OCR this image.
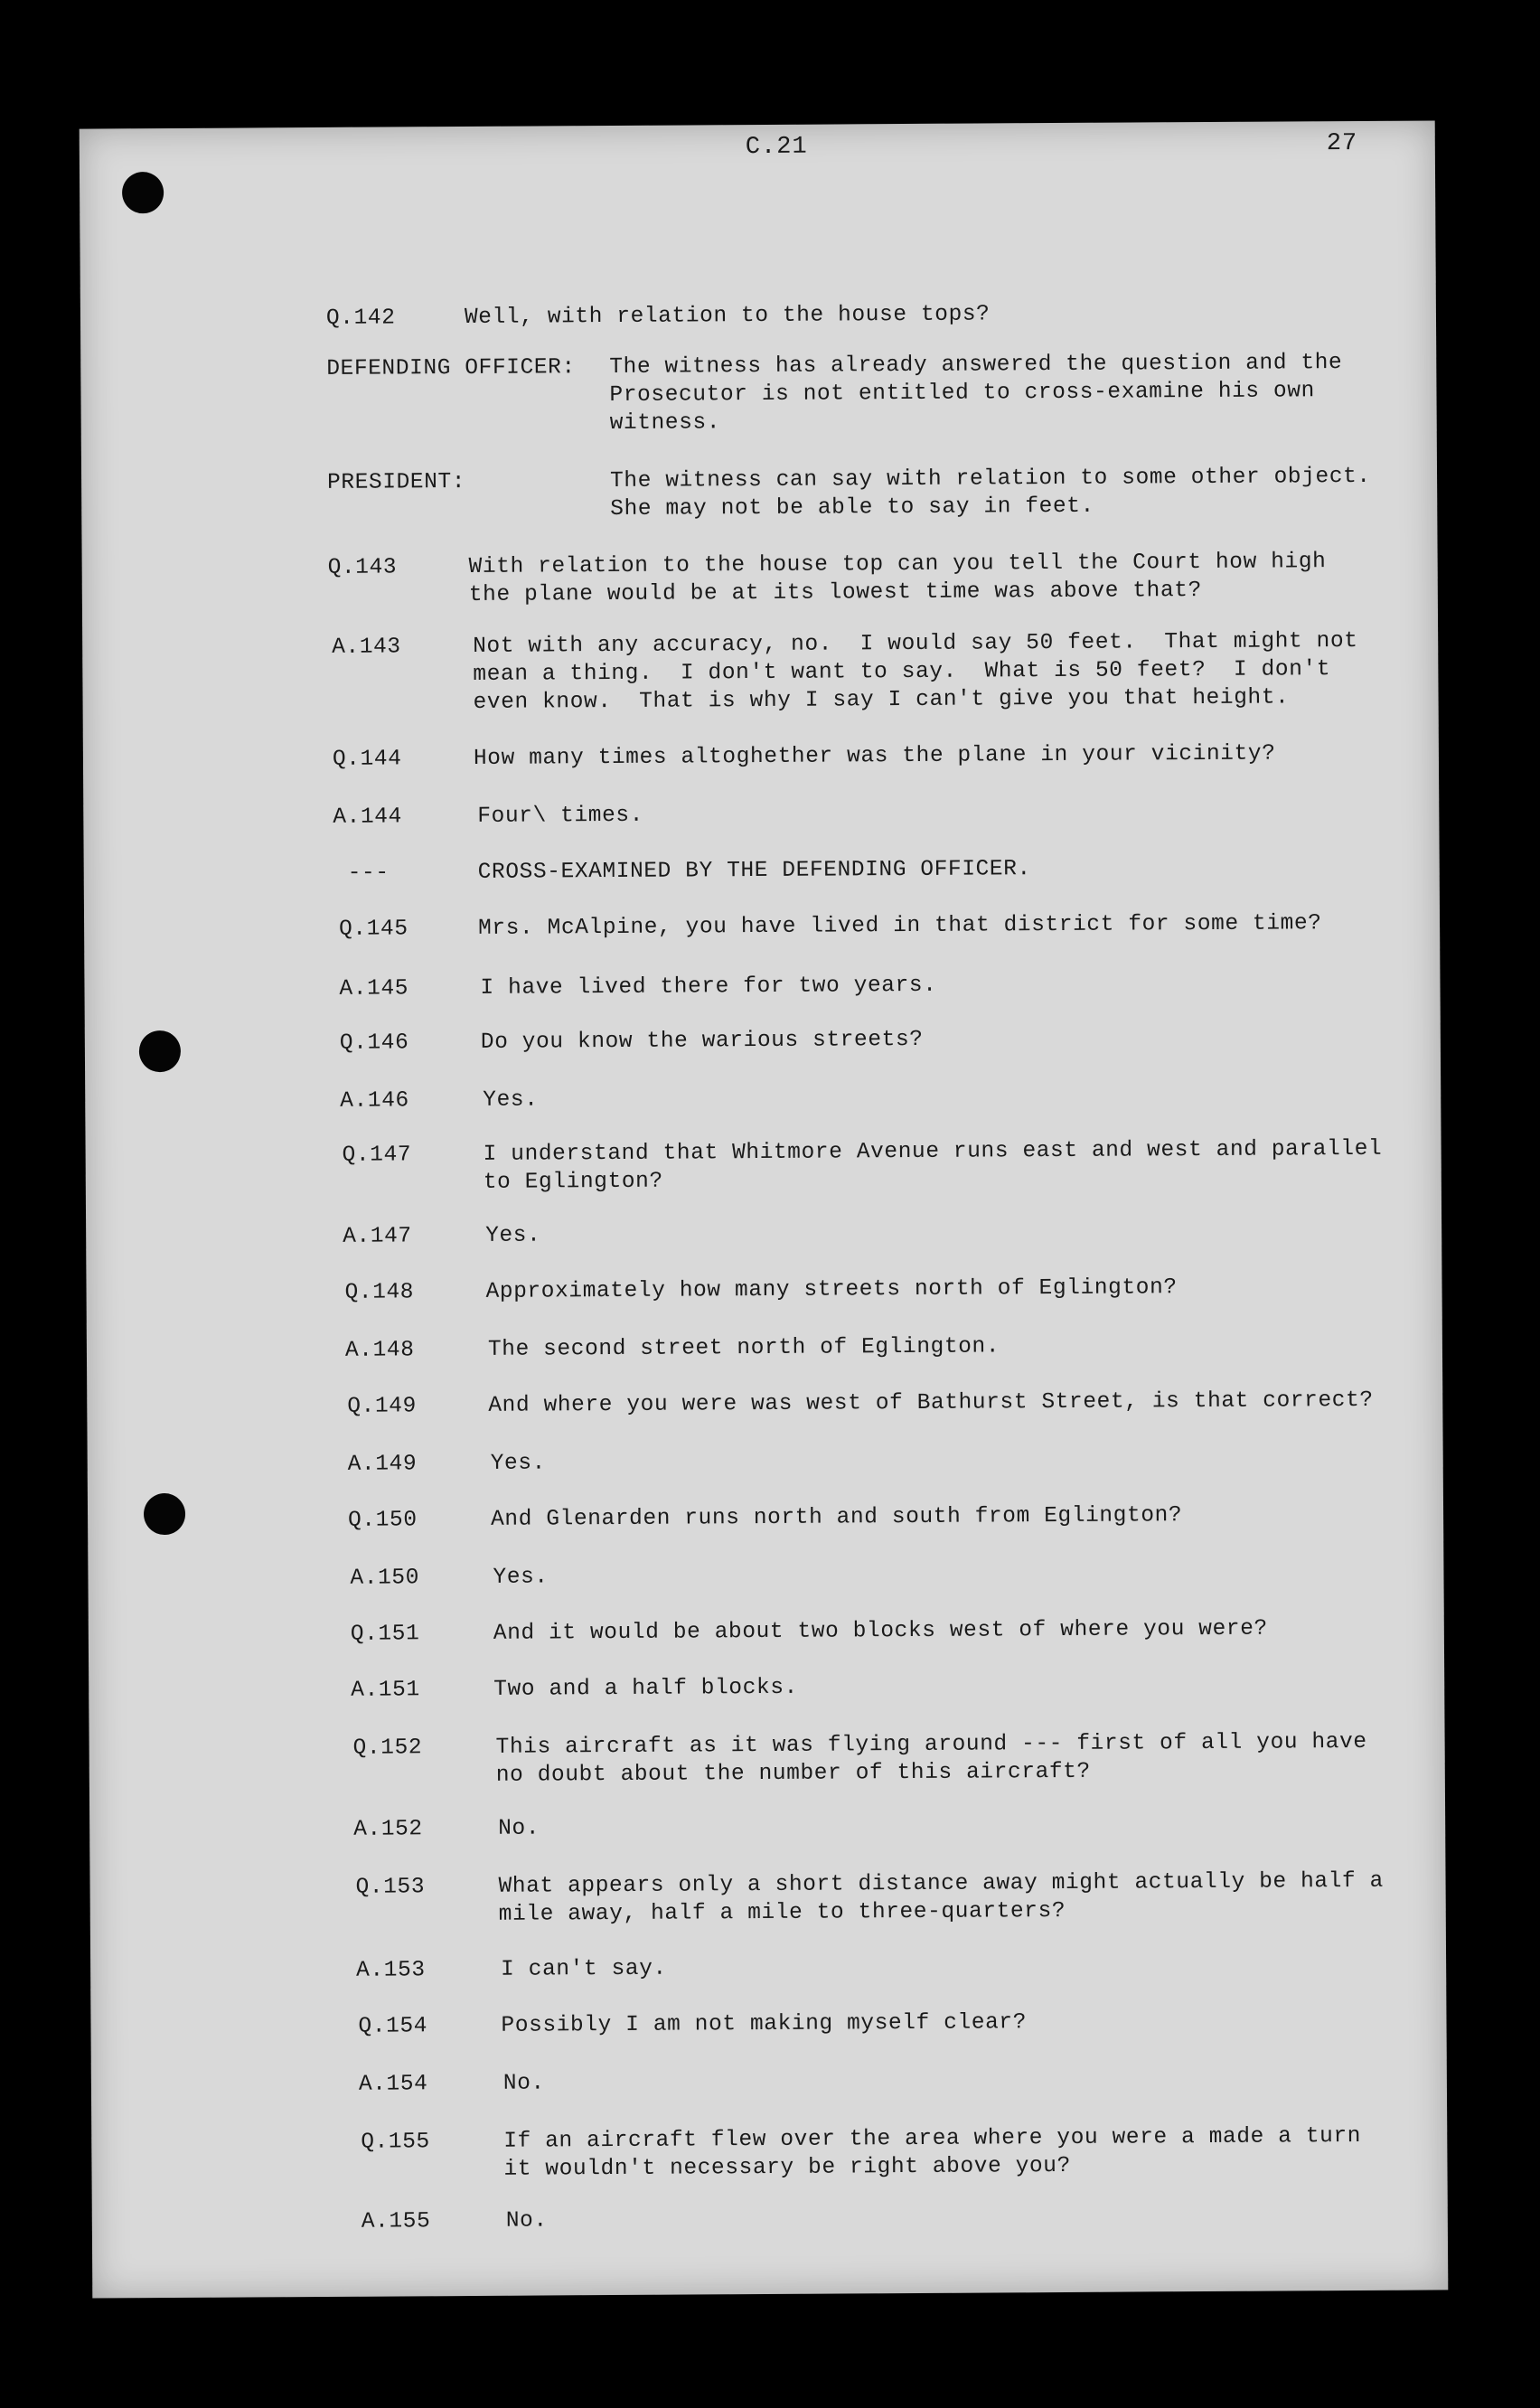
C.21	27
Q.142	Well, with relation to the house tops?
DEFENDING OFFICER: The witness has already answered the question and the
Prosecutor is not entitled to cross-examine his own
witness.
PRESIDENT:	The witness can say with relation to some other object.
She may not be able to say in feet.
Q.143	With relation to the house top can you tell the Court how high
the plane would be at its lowest time was above that?
A.143	Not with any accuracy, no.  I would say 50 feet.  That might not
mean a thing.  I don't want to say.  What is 50 feet?  I don't
even know.  That is why I say I can't give you that height.
Q.144	How many times altoghether was the plane in your vicinity?
A.144	Four\ times.
---	CROSS-EXAMINED BY THE DEFENDING OFFICER.
Q.145	Mrs. McAlpine, you have lived in that district for some time?
A.145	I have lived there for two years.
Q.146	Do you know the warious streets?
A.146	Yes.
Q.147	I understand that Whitmore Avenue runs east and west and parallel
to Eglington?
A.147	Yes.
Q.148	Approximately how many streets north of Eglington?
A.148	The second street north of Eglington.
Q.149	And where you were was west of Bathurst Street, is that correct?
A.149	Yes.
Q.150	And Glenarden runs north and south from Eglington?
A.150	Yes.
Q.151	And it would be about two blocks west of where you were?
A.151	Two and a half blocks.
Q.152	This aircraft as it was flying around --- first of all you have
no doubt about the number of this aircraft?
A.152	No.
Q.153	What appears only a short distance away might actually be half a
mile away, half a mile to three-quarters?
A.153	I can't say.
Q.154	Possibly I am not making myself clear?
A.154	No.
Q.155	If an aircraft flew over the area where you were a made a turn
it wouldn't necessary be right above you?
A.155	No.
